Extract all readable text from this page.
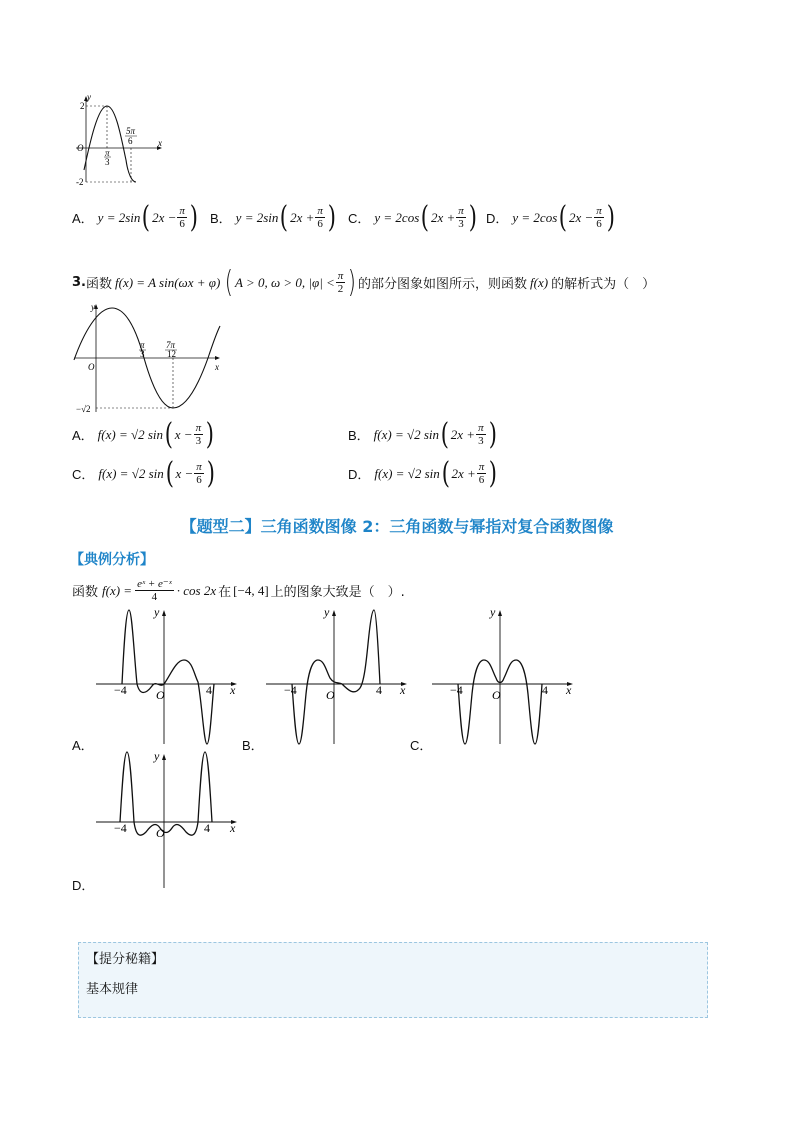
y
x
O
2
-2
π
3
5π
6
A． y = 2sin ( $2x - \frac{\pi}{6}$ ) B． y = 2sin ( $2x + \frac{\pi}{6}$ ) C． y = 2cos ( $2x + \frac{\pi}{3}$ ) D． y = 2cos ( $2x - \frac{\pi}{6}$ )
3. 函数 f(x) = A sin(ωx + φ) ( A > 0, ω > 0, $|\varphi| < \frac{\pi}{2}$ ) 的部分图象如图所示，则函数 f(x) 的解析式为（　）
y
x
O
−√2
π
3
7π
12
A． f(x) = √2 sin ( $x - \frac{\pi}{3}$ )	B． f(x) = √2 sin ( $2x + \frac{\pi}{3}$ )
C． f(x) = √2 sin ( $x - \frac{\pi}{6}$ )	D． f(x) = √2 sin ( $2x + \frac{\pi}{6}$ )
【题型二】三角函数图像 2：三角函数与幂指对复合函数图像
【典例分析】
函数 $f(x) = \frac{\text{eˣ + e⁻ˣ}}{4} \cdot \cos 2x$ 在 [−4, 4] 上的图象大致是（　）.
y
x
O
−4	4
A．
y
x
O
−4	4
B．
y
x
O
−4	4
C．
y
x
O
−4	4
D．
【提分秘籍】
基本规律
